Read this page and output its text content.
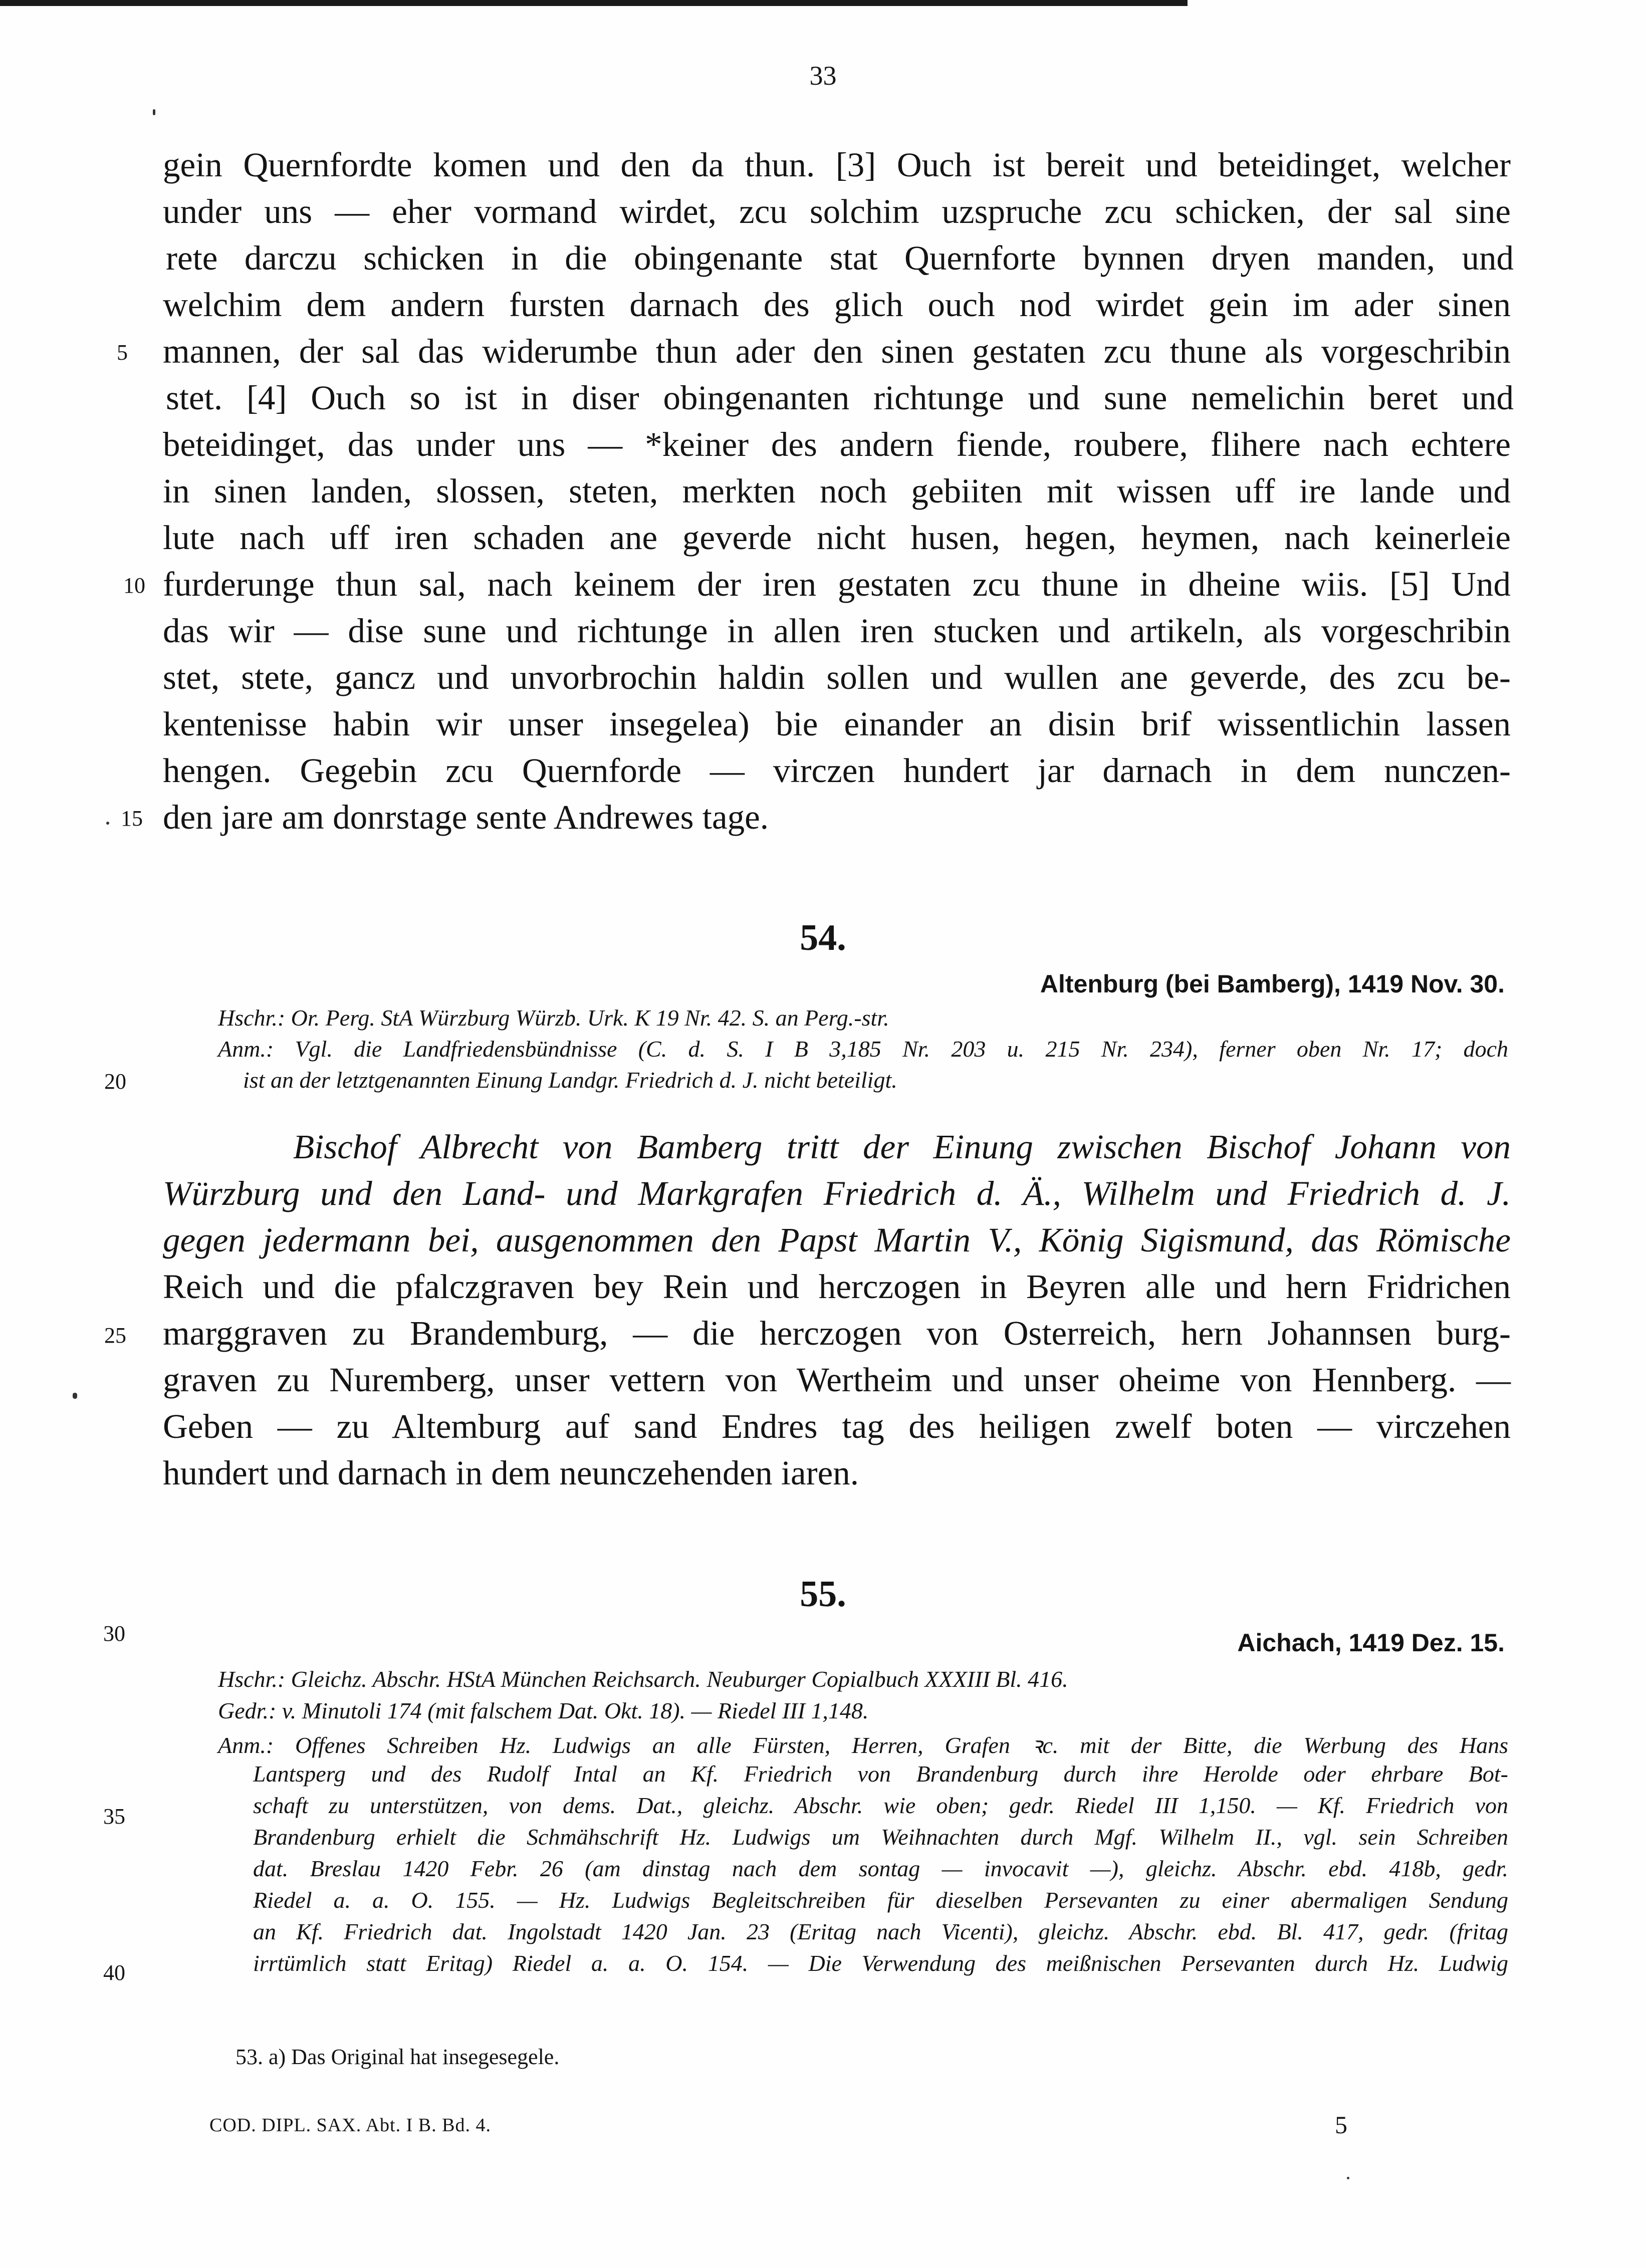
33
gein Quernfordte komen und den da thun. [3] Ouch ist bereit und beteidinget, welcher
under uns — eher vormand wirdet, zcu solchim uzspruche zcu schicken, der sal sine
rete darczu schicken in die obingenante stat Quernforte bynnen dryen manden, und
welchim dem andern fursten darnach des glich ouch nod wirdet gein im ader sinen
mannen, der sal das widerumbe thun ader den sinen gestaten zcu thune als vorgeschribin
stet. [4] Ouch so ist in diser obingenanten richtunge und sune nemelichin beret und
beteidinget, das under uns — *keiner des andern fiende, roubere, flihere nach echtere
in sinen landen, slossen, steten, merkten noch gebiiten mit wissen uff ire lande und
lute nach uff iren schaden ane geverde nicht husen, hegen, heymen, nach keinerleie
furderunge thun sal, nach keinem der iren gestaten zcu thune in dheine wiis. [5] Und
das wir — dise sune und richtunge in allen iren stucken und artikeln, als vorgeschribin
stet, stete, gancz und unvorbrochin haldin sollen und wullen ane geverde, des zcu be-
kentenisse habin wir unser insegelea) bie einander an disin brif wissentlichin lassen
hengen. Gegebin zcu Quernforde — virczen hundert jar darnach in dem nunczen-
den jare am donrstage sente Andrewes tage.
5
10
15
54.
Altenburg (bei Bamberg), 1419 Nov. 30.
Hschr.: Or. Perg. StA Würzburg Würzb. Urk. K 19 Nr. 42. S. an Perg.-str.
Anm.: Vgl. die Landfriedensbündnisse (C. d. S. I B 3,185 Nr. 203 u. 215 Nr. 234), ferner oben Nr. 17; doch
ist an der letztgenannten Einung Landgr. Friedrich d. J. nicht beteiligt.
20
Bischof Albrecht von Bamberg tritt der Einung zwischen Bischof Johann von
Würzburg und den Land- und Markgrafen Friedrich d. Ä., Wilhelm und Friedrich d. J.
gegen jedermann bei, ausgenommen den Papst Martin V., König Sigismund, das Römische
Reich und die pfalczgraven bey Rein und herczogen in Beyren alle und hern Fridrichen
marggraven zu Brandemburg, — die herczogen von Osterreich, hern Johannsen burg-
graven zu Nuremberg, unser vettern von Wertheim und unser oheime von Hennberg. —
Geben — zu Altemburg auf sand Endres tag des heiligen zwelf boten — virczehen
hundert und darnach in dem neunczehenden iaren.
25
55.
30	Aichach, 1419 Dez. 15.
Hschr.: Gleichz. Abschr. HStA München Reichsarch. Neuburger Copialbuch XXXIII Bl. 416.
Gedr.: v. Minutoli 174 (mit falschem Dat. Okt. 18). — Riedel III 1,148.
Anm.: Offenes Schreiben Hz. Ludwigs an alle Fürsten, Herren, Grafen ꝛc. mit der Bitte, die Werbung des Hans
Lantsperg und des Rudolf Intal an Kf. Friedrich von Brandenburg durch ihre Herolde oder ehrbare Bot-
schaft zu unterstützen, von dems. Dat., gleichz. Abschr. wie oben; gedr. Riedel III 1,150. — Kf. Friedrich von
Brandenburg erhielt die Schmähschrift Hz. Ludwigs um Weihnachten durch Mgf. Wilhelm II., vgl. sein Schreiben
dat. Breslau 1420 Febr. 26 (am dinstag nach dem sontag — invocavit —), gleichz. Abschr. ebd. 418b, gedr.
Riedel a. a. O. 155. — Hz. Ludwigs Begleitschreiben für dieselben Persevanten zu einer abermaligen Sendung
an Kf. Friedrich dat. Ingolstadt 1420 Jan. 23 (Eritag nach Vicenti), gleichz. Abschr. ebd. Bl. 417, gedr. (fritag
irrtümlich statt Eritag) Riedel a. a. O. 154. — Die Verwendung des meißnischen Persevanten durch Hz. Ludwig
35
40
53. a) Das Original hat insegesegele.
COD. DIPL. SAX. Abt. I B. Bd. 4.	5
